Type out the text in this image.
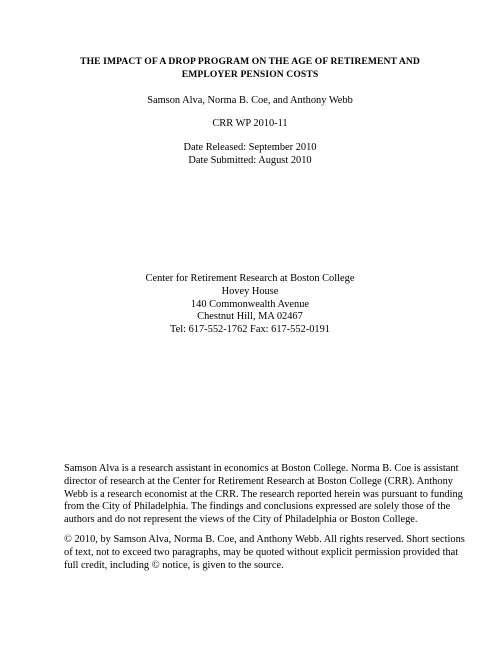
THE IMPACT OF A DROP PROGRAM ON THE AGE OF RETIREMENT AND
EMPLOYER PENSION COSTS
Samson Alva, Norma B. Coe, and Anthony Webb
CRR WP 2010-11
Date Released: September 2010
Date Submitted: August 2010
Center for Retirement Research at Boston College
Hovey House
140 Commonwealth Avenue
Chestnut Hill, MA 02467
Tel: 617-552-1762 Fax: 617-552-0191
Samson Alva is a research assistant in economics at Boston College. Norma B. Coe is assistant
director of research at the Center for Retirement Research at Boston College (CRR). Anthony
Webb is a research economist at the CRR. The research reported herein was pursuant to funding
from the City of Philadelphia. The findings and conclusions expressed are solely those of the
authors and do not represent the views of the City of Philadelphia or Boston College.
© 2010, by Samson Alva, Norma B. Coe, and Anthony Webb. All rights reserved. Short sections
of text, not to exceed two paragraphs, may be quoted without explicit permission provided that
full credit, including © notice, is given to the source.
